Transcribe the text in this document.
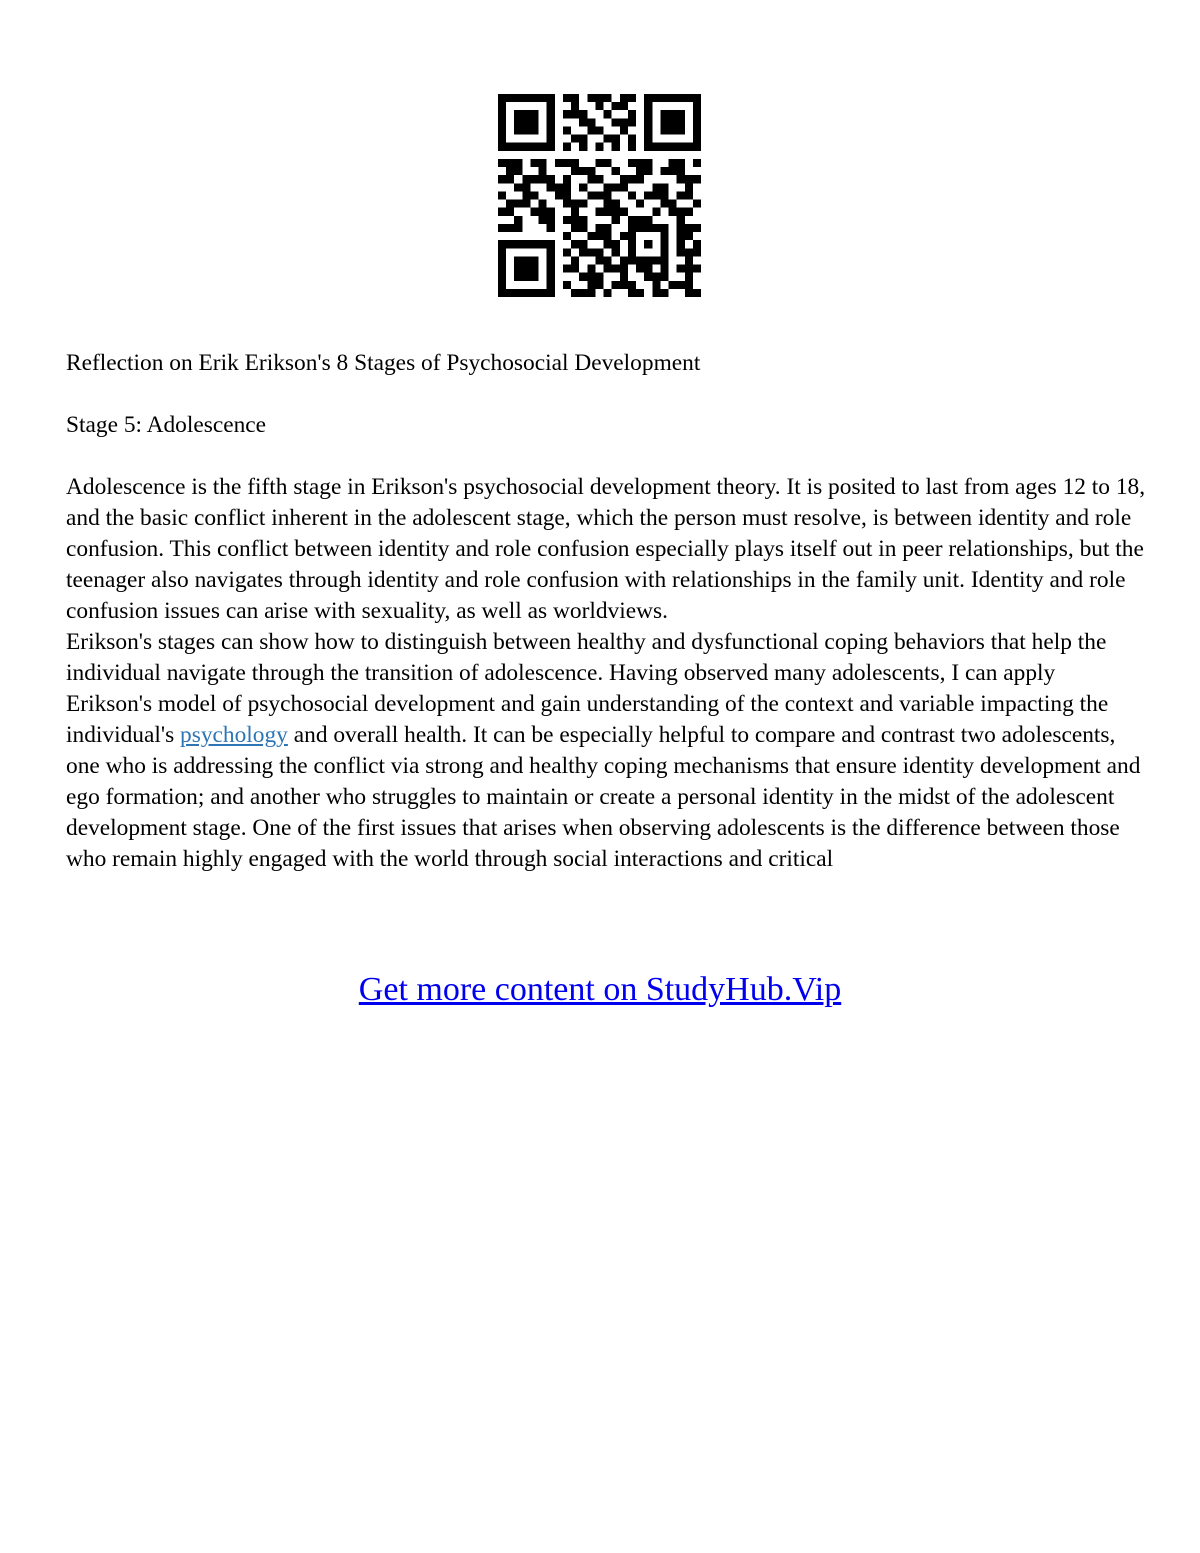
Reflection on Erik Erikson's 8 Stages of Psychosocial Development

Stage 5: Adolescence

Adolescence is the fifth stage in Erikson's psychosocial development theory. It is posited to last from ages 12 to 18, and the basic conflict inherent in the adolescent stage, which the person must resolve, is between identity and role confusion. This conflict between identity and role confusion especially plays itself out in peer relationships, but the teenager also navigates through identity and role confusion with relationships in the family unit. Identity and role confusion issues can arise with sexuality, as well as worldviews.

Erikson's stages can show how to distinguish between healthy and dysfunctional coping behaviors that help the individual navigate through the transition of adolescence. Having observed many adolescents, I can apply Erikson's model of psychosocial development and gain understanding of the context and variable impacting the individual's psychology and overall health. It can be especially helpful to compare and contrast two adolescents, one who is addressing the conflict via strong and healthy coping mechanisms that ensure identity development and ego formation; and another who struggles to maintain or create a personal identity in the midst of the adolescent development stage. One of the first issues that arises when observing adolescents is the difference between those who remain highly engaged with the world through social interactions and critical

Get more content on StudyHub.Vip
